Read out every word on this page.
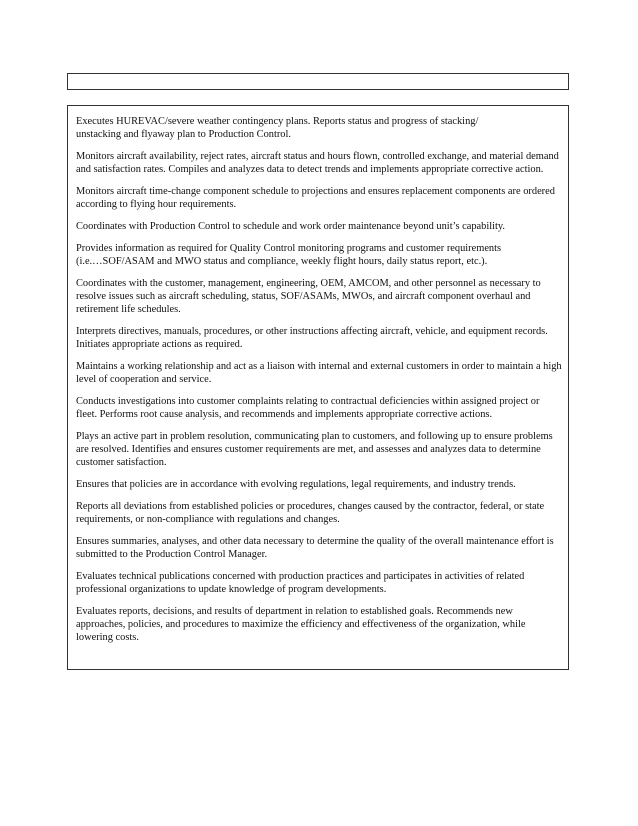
Executes HUREVAC/severe weather contingency plans. Reports status and progress of stacking/
unstacking and flyaway plan to Production Control.
Monitors aircraft availability, reject rates, aircraft status and hours flown, controlled exchange, and material demand
and satisfaction rates. Compiles and analyzes data to detect trends and implements appropriate corrective action.
Monitors aircraft time-change component schedule to projections and ensures replacement components are ordered
according to flying hour requirements.
Coordinates with Production Control to schedule and work order maintenance beyond unit’s capability.
Provides information as required for Quality Control monitoring programs and customer requirements
(i.e.…SOF/ASAM and MWO status and compliance, weekly flight hours, daily status report, etc.).
Coordinates with the customer, management, engineering, OEM, AMCOM, and other personnel as necessary to
resolve issues such as aircraft scheduling, status, SOF/ASAMs, MWOs, and aircraft component overhaul and
retirement life schedules.
Interprets directives, manuals, procedures, or other instructions affecting aircraft, vehicle, and equipment records.
Initiates appropriate actions as required.
Maintains a working relationship and act as a liaison with internal and external customers in order to maintain a high
level of cooperation and service.
Conducts investigations into customer complaints relating to contractual deficiencies within assigned project or
fleet. Performs root cause analysis, and recommends and implements appropriate corrective actions.
Plays an active part in problem resolution, communicating plan to customers, and following up to ensure problems
are resolved. Identifies and ensures customer requirements are met, and assesses and analyzes data to determine
customer satisfaction.
Ensures that policies are in accordance with evolving regulations, legal requirements, and industry trends.
Reports all deviations from established policies or procedures, changes caused by the contractor, federal, or state
requirements, or non-compliance with regulations and changes.
Ensures summaries, analyses, and other data necessary to determine the quality of the overall maintenance effort is
submitted to the Production Control Manager.
Evaluates technical publications concerned with production practices and participates in activities of related
professional organizations to update knowledge of program developments.
Evaluates reports, decisions, and results of department in relation to established goals. Recommends new
approaches, policies, and procedures to maximize the efficiency and effectiveness of the organization, while
lowering costs.
